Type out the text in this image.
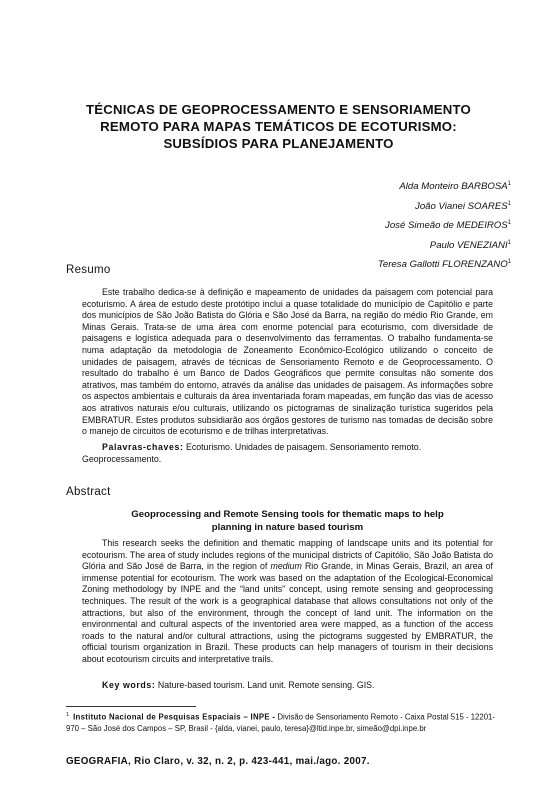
TÉCNICAS DE GEOPROCESSAMENTO E SENSORIAMENTO
REMOTO PARA MAPAS TEMÁTICOS DE ECOTURISMO:
SUBSÍDIOS PARA PLANEJAMENTO
Alda Monteiro BARBOSA$^1$
João Vianei SOARES$^1$
José Simeão de MEDEIROS$^1$
Paulo VENEZIANI$^1$
Teresa Gallotti FLORENZANO$^1$
Resumo
Este trabalho dedica-se à definição e mapeamento de unidades da paisagem com potencial para ecoturismo. A área de estudo deste protótipo inclui a quase totalidade do município de Capitólio e parte dos municípios de São João Batista do Glória e São José da Barra, na região do médio Rio Grande, em Minas Gerais. Trata-se de uma área com enorme potencial para ecoturismo, com diversidade de paisagens e logística adequada para o desenvolvimento das ferramentas. O trabalho fundamenta-se numa adaptação da metodologia de Zoneamento Econômico-Ecológico utilizando o conceito de unidades de paisagem, através de técnicas de Sensoriamento Remoto e de Geoprocessamento. O resultado do trabalho é um Banco de Dados Geográficos que permite consultas não somente dos atrativos, mas também do entorno, através da análise das unidades de paisagem. As informações sobre os aspectos ambientais e culturais da área inventariada foram mapeadas, em função das vias de acesso aos atrativos naturais e/ou culturais, utilizando os pictogramas de sinalização turística sugeridos pela EMBRATUR. Estes produtos subsidiarão aos órgãos gestores de turismo nas tomadas de decisão sobre o manejo de circuitos de ecoturismo e de trilhas interpretativas.
Palavras-chaves: Ecoturismo. Unidades de paisagem. Sensoriamento remoto. Geoprocessamento.
Abstract
Geoprocessing and Remote Sensing tools for thematic maps to help
planning in nature based tourism
This research seeks the definition and thematic mapping of landscape units and its potential for ecotourism. The area of study includes regions of the municipal districts of Capitólio, São João Batista do Glória and São José de Barra, in the region of medium Rio Grande, in Minas Gerais, Brazil, an area of immense potential for ecotourism. The work was based on the adaptation of the Ecological-Economical Zoning methodology by INPE and the “land units” concept, using remote sensing and geoprocessing techniques. The result of the work is a geographical database that allows consultations not only of the attractions, but also of the environment, through the concept of land unit. The information on the environmental and cultural aspects of the inventoried area were mapped, as a function of the access roads to the natural and/or cultural attractions, using the pictograms suggested by EMBRATUR, the official tourism organization in Brazil. These products can help managers of tourism in their decisions about ecotourism circuits and interpretative trails.
Key words: Nature-based tourism. Land unit. Remote sensing. GIS.
$^1$ Instituto Nacional de Pesquisas Espaciais – INPE - Divisão de Sensoriamento Remoto - Caixa Postal 515 - 12201-970 – São José dos Campos – SP, Brasil - {alda, vianei, paulo, teresa}@ltid.inpe.br, simeão@dpi.inpe.br
GEOGRAFIA, Rio Claro, v. 32, n. 2, p. 423-441, mai./ago. 2007.
